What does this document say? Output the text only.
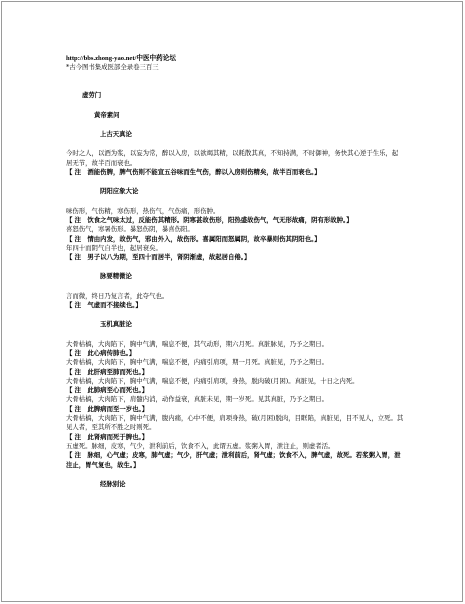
http://bbs.zhong-yao.net/中医中药论坛

*古今图书集成医部全录卷三百三

虚劳门

黄帝素问

上古天真论

今时之人，以酒为浆，以妄为常，醉以入房，以欲竭其精，以耗散其真，不知持满，不时御神，务快其心逆于生乐，起居无节，故半百而衰也。

【 注　酒能伤脾，脾气伤则不能宣五谷味而生气伤，醉以入房则伤精矣，故半百而衰也。】

阴阳应象大论

味伤形，气伤精，寒伤形，热伤气，气伤痛，形伤肿。

【 注　饮食之气味太过，反能伤其精形。阴寒甚故伤形，阳热盛故伤气，气无形故痛，阴有形故肿。】

喜怒伤气，寒暑伤形。暴怒伤阴，暴喜伤阳。

【 注　情由内发，故伤气，邪由外入，故伤形。喜属阳而怒属阴，故卒暴则伤其阴阳也。】

年四十而阴气自半也，起居衰矣。

【 注　男子以八为期，至四十而居半，肾阴渐虚，故起居自倦。】

脉要精微论

言而微，终日乃复言者，此夺气也。

【 注　气虚而不接续也。】

玉机真脏论

大骨枯槁，大肉陷下，胸中气满，喘息不便，其气动形，期六月死。真脏脉见，乃予之期日。

【 注　此心病传肺也。】

大骨枯槁，大肉陷下，胸中气满，喘息不便，内痛引肩项，期一月死。真脏见，乃予之期日。

【 注　此肝病至肺而死也。】

大骨枯槁，大肉陷下，胸中气满，喘息不便，内痛引肩项，身热，脱肉破(月困)。真脏见，十日之内死。

【 注　此肺病至心而死也。】

大骨枯槁，大肉陷下，肩髓内消，动作益衰，真脏未见，期一岁死。见其真脏，乃予之期日。

【 注　此脾病而至一岁也。】

大骨枯槁，大肉陷下，胸中气满，腹内痛，心中不便，肩项身热，破(月困)脱肉，目眶陷，真脏见，目不见人，立死。其见人者，至其所不胜之时则死。

【 注　此肾病而死于脾也。】

五虚死。脉细，皮寒，气少，泄利前后，饮食不入，此谓五虚。浆粥入胃，泄注止，则虚者活。

【 注　脉细，心气虚；皮寒，肺气虚；气少，肝气虚；泄利前后，肾气虚；饮食不入，脾气虚，故死。若浆粥入胃，泄注止，胃气复也，故生。】

经脉别论
